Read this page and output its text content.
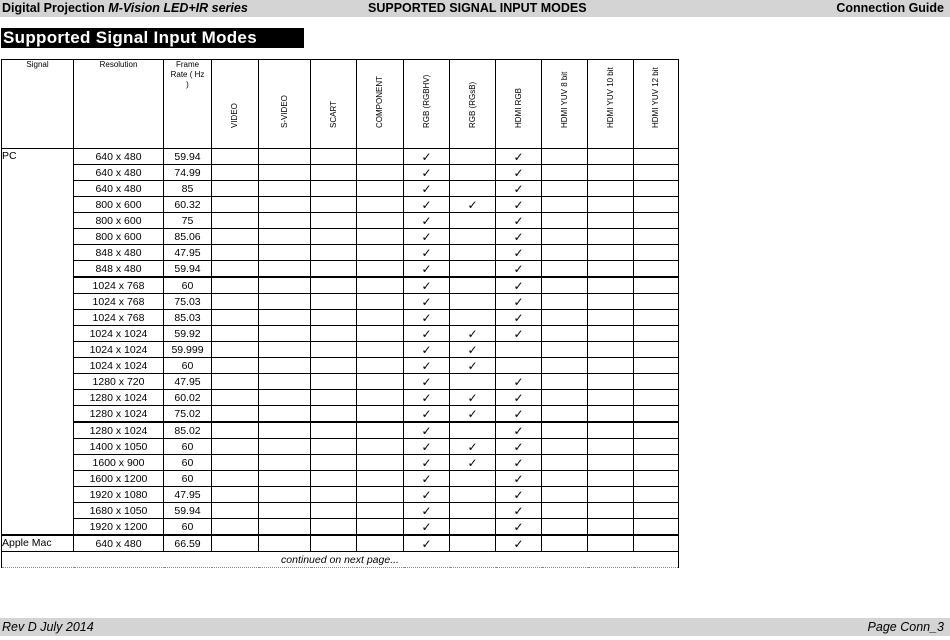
Digital Projection M-Vision LED+IR series	SUPPORTED SIGNAL INPUT MODES	Connection Guide
Supported Signal Input Modes
Signal	Resolution	Frame Rate ( Hz )	VIDEO	S-VIDEO	SCART	COMPONENT	RGB (RGBHV)	RGB (RGsB)	HDMI RGB	HDMI YUV 8 bit	HDMI YUV 10 bit	HDMI YUV 12 bit

PC	640 x 480	59.94					✓		✓			
	640 x 480	74.99					✓		✓			
	640 x 480	85					✓		✓			
	800 x 600	60.32					✓	✓	✓			
	800 x 600	75					✓		✓			
	800 x 600	85.06					✓		✓			
	848 x 480	47.95					✓		✓			
	848 x 480	59.94					✓		✓			
	1024 x 768	60					✓		✓			
	1024 x 768	75.03					✓		✓			
	1024 x 768	85.03					✓		✓			
	1024 x 1024	59.92					✓	✓	✓			
	1024 x 1024	59.999					✓	✓				
	1024 x 1024	60					✓	✓				
	1280 x 720	47.95					✓		✓			
	1280 x 1024	60.02					✓	✓	✓			
	1280 x 1024	75.02					✓	✓	✓			
	1280 x 1024	85.02					✓		✓			
	1400 x 1050	60					✓	✓	✓			
	1600 x 900	60					✓	✓	✓			
	1600 x 1200	60					✓		✓			
	1920 x 1080	47.95					✓		✓			
	1680 x 1050	59.94					✓		✓			
	1920 x 1200	60					✓		✓			
Apple Mac	640 x 480	66.59					✓		✓			
continued on next page...												
Rev D July 2014	Page Conn_3
